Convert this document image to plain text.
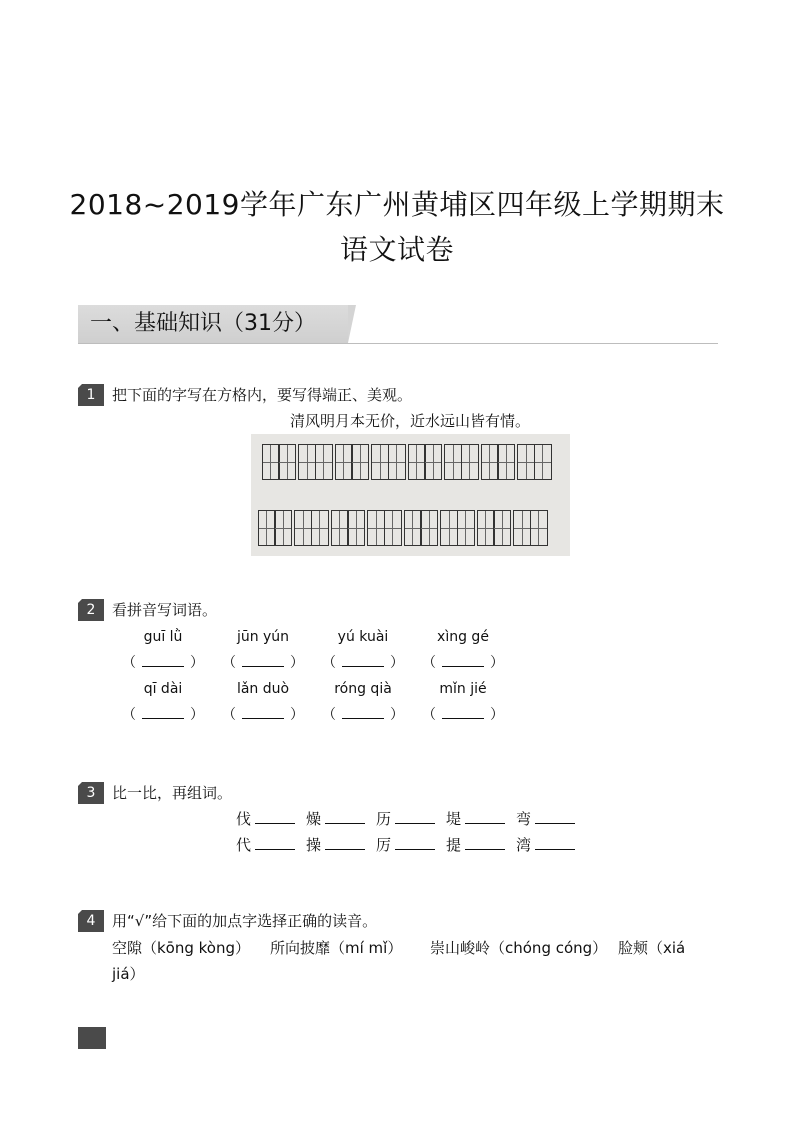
2018~2019学年广东广州黄埔区四年级上学期期末
语文试卷
一、基础知识（31分）
1	把下面的字写在方格内，要写得端正、美观。
清风明月本无价，近水远山皆有情。
2	看拼音写词语。
guī lǜ	jūn yún	yú kuài	xìng gé
（	） （	） （	） （	）
qī dài	lǎn duò	róng qià	mǐn jié
（	） （	） （	） （	）
3	比一比，再组词。
伐	燥	历	堤	弯
代	操	厉	提	湾
4	用“√”给下面的加点字选择正确的读音。
空隙（kōng kòng） 所向披靡（mí mǐ） 崇山峻岭（chóng cóng） 脸颊（xiá
jiá）
